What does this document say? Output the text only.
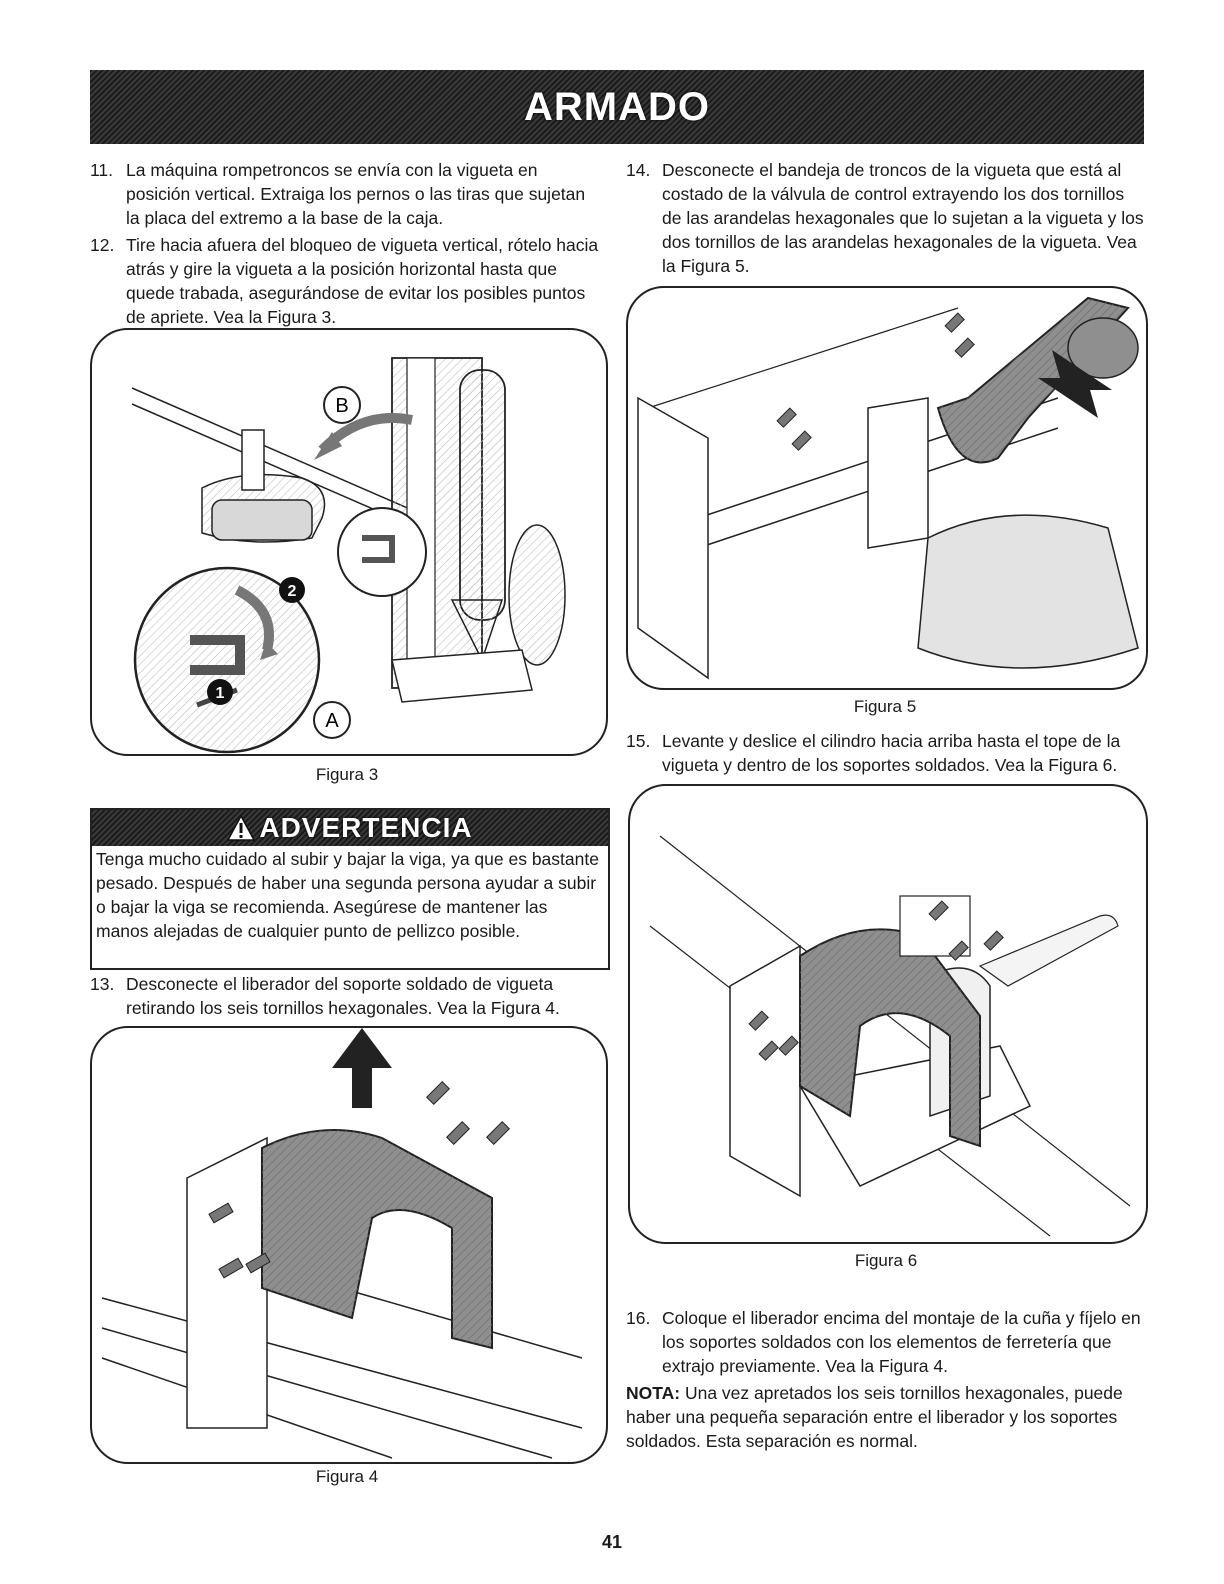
ARMADO
11. La máquina rompetroncos se envía con la vigueta en posición vertical. Extraiga los pernos o las tiras que sujetan la placa del extremo a la base de la caja.
12. Tire hacia afuera del bloqueo de vigueta vertical, rótelo hacia atrás y gire la vigueta a la posición horizontal hasta que quede trabada, asegurándose de evitar los posibles puntos de apriete. Vea la Figura 3.
B
A
2
1
Figura 3
ADVERTENCIA
Tenga mucho cuidado al subir y bajar la viga, ya que es bastante pesado. Después de haber una segunda persona ayudar a subir o bajar la viga se recomienda. Asegúrese de mantener las manos alejadas de cualquier punto de pellizco posible.
13. Desconecte el liberador del soporte soldado de vigueta retirando los seis tornillos hexagonales. Vea la Figura 4.
Figura 4
14. Desconecte el bandeja de troncos de la vigueta que está al costado de la válvula de control extrayendo los dos tornillos de las arandelas hexagonales que lo sujetan a la vigueta y los dos tornillos de las arandelas hexagonales de la vigueta. Vea la Figura 5.
Figura 5
15. Levante y deslice el cilindro hacia arriba hasta el tope de la vigueta y dentro de los soportes soldados. Vea la Figura 6.
Figura 6
16. Coloque el liberador encima del montaje de la cuña y fíjelo en los soportes soldados con los elementos de ferretería que extrajo previamente. Vea la Figura 4.
NOTA: Una vez apretados los seis tornillos hexagonales, puede haber una pequeña separación entre el liberador y los soportes soldados. Esta separación es normal.
41
